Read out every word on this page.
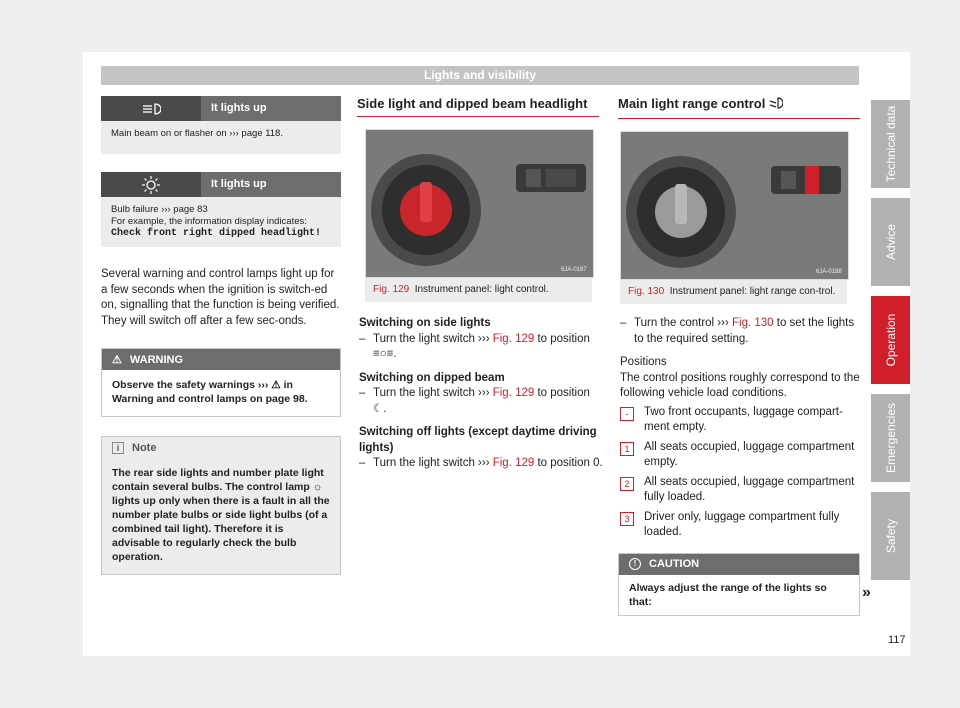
Lights and visibility
Technical data
Advice
Operation
Emergencies
Safety
It lights up
Main beam on or flasher on ››› page 118.
It lights up

Bulb failure ››› page 83

For example, the information display indicates:

Check front right dipped headlight!

Several warning and control lamps light up for a few seconds when the ignition is switch-ed on, signalling that the function is being verified. They will switch off after a few sec-onds.

⚠ WARNING
Observe the safety warnings ››› ⚠ in Warning and control lamps on page 98.
i	Note
The rear side lights and number plate light contain several bulbs. The control lamp ☼ lights up only when there is a fault in all the number plate bulbs or side light bulbs (of a combined tail light). Therefore it is advisable to regularly check the bulb operation.
Side light and dipped beam headlight
6JA-0187
Fig. 129 Instrument panel: light control.

Switching on side lights

– Turn the light switch ››› Fig. 129 to position ≡○≡.

Switching on dipped beam

– Turn the light switch ››› Fig. 129 to position ☾.

Switching off lights (except daytime driving lights)

– Turn the light switch ››› Fig. 129 to position 0.
Main light range control
6JA-0188
Fig. 130 Instrument panel: light range con-trol.
– Turn the control ››› Fig. 130 to set the lights to the required setting.

Positions

The control positions roughly correspond to the following vehicle load conditions.

-	Two front occupants, luggage compart-ment empty.
1	All seats occupied, luggage compartment empty.
2	All seats occupied, luggage compartment fully loaded.
3	Driver only, luggage compartment fully loaded.
!	CAUTION
Always adjust the range of the lights so that:
»
117
